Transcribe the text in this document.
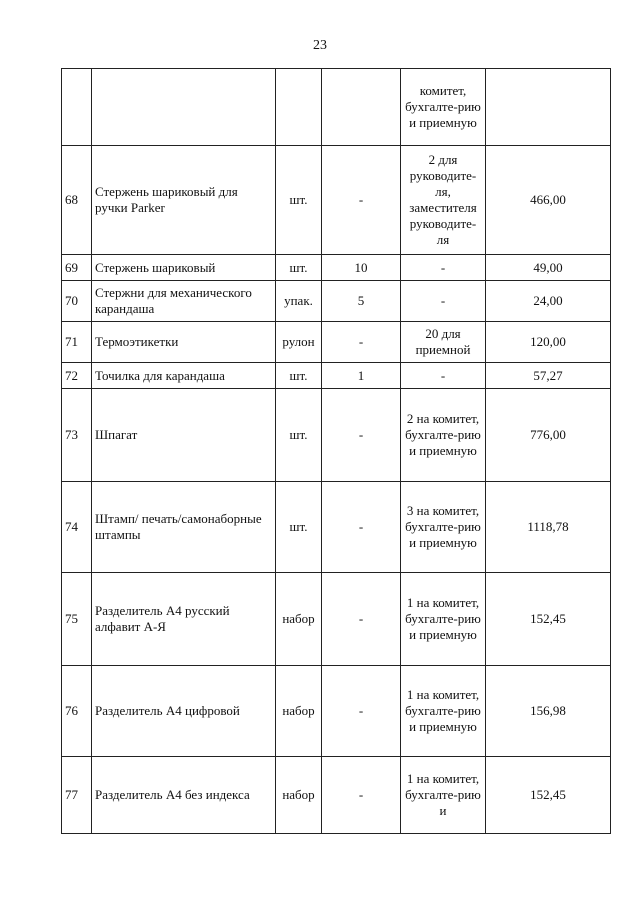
23
				комитет, бухгалте-рию и приемную	
68	Стержень шариковый для ручки Parker	шт.	-	2 для руководите-ля, заместителя руководите-ля	466,00
69	Стержень шариковый	шт.	10	-	49,00
70	Стержни для механического карандаша	упак.	5	-	24,00
71	Термоэтикетки	рулон	-	20 для приемной	120,00
72	Точилка для карандаша	шт.	1	-	57,27
73	Шпагат	шт.	-	2 на комитет, бухгалте-рию и приемную	776,00
74	Штамп/ печать/самонаборные штампы	шт.	-	3 на комитет, бухгалте-рию и приемную	1118,78
75	Разделитель А4 русский алфавит А-Я	набор	-	1 на комитет, бухгалте-рию и приемную	152,45
76	Разделитель А4 цифровой	набор	-	1 на комитет, бухгалте-рию и приемную	156,98
77	Разделитель А4 без индекса	набор	-	1 на комитет, бухгалте-рию и	152,45
